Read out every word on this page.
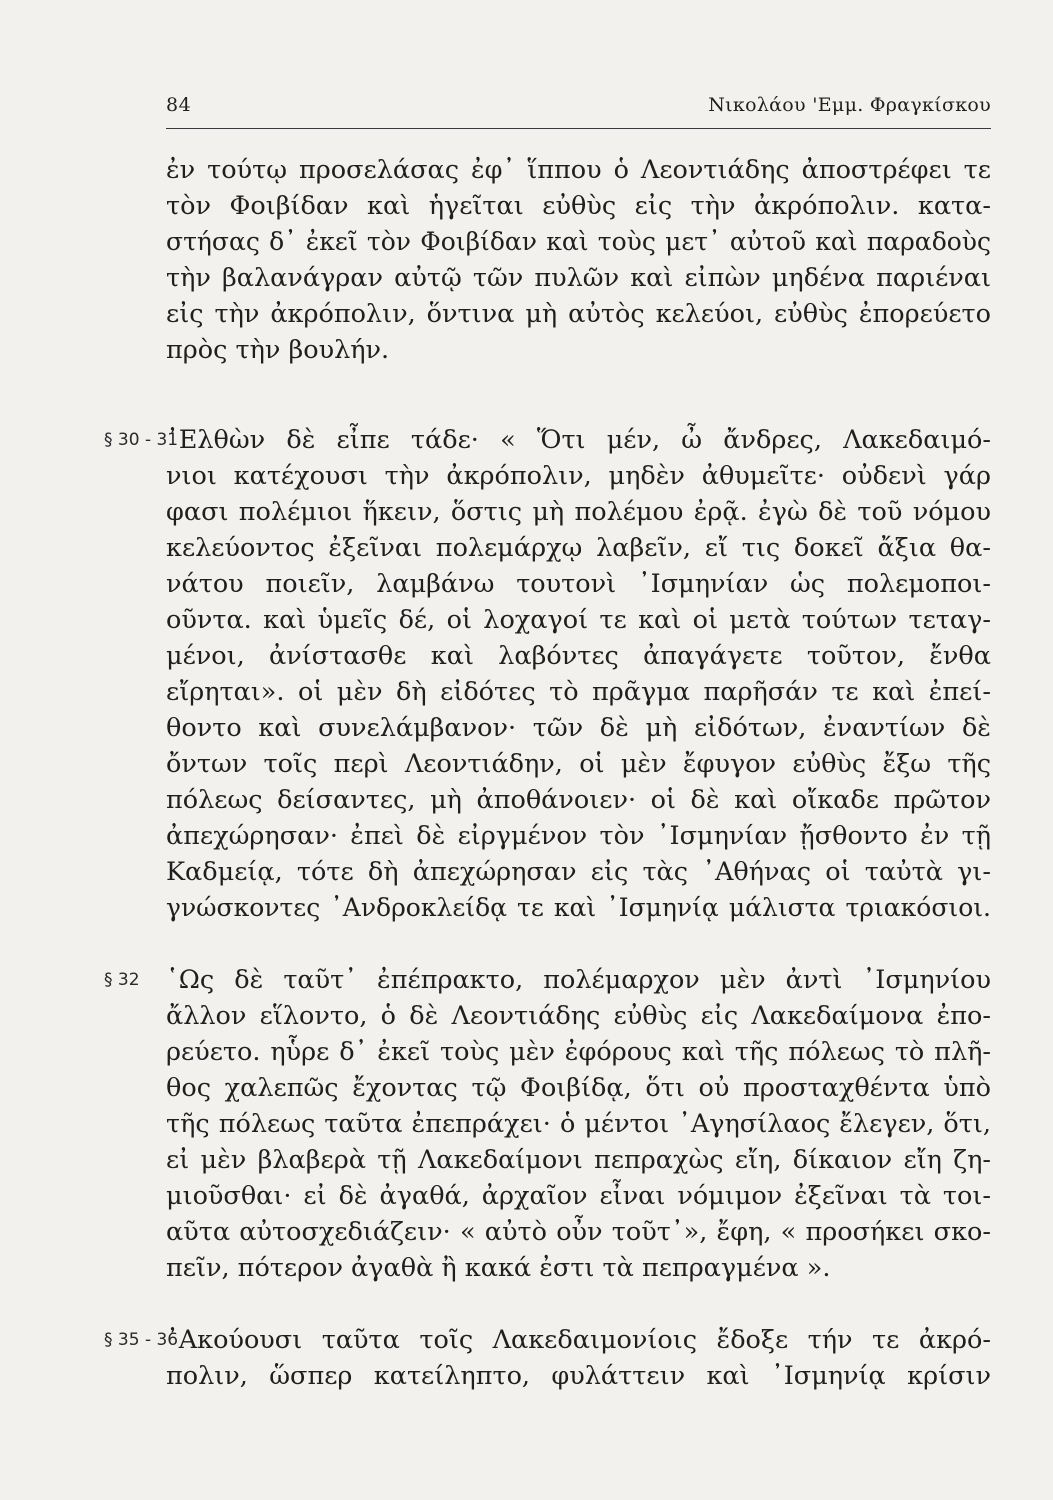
84	Νικολάου 'Εμμ. Φραγκίσκου
§ 30 - 31
§ 32
§ 35 - 36
ἐν τούτῳ προσελάσας ἐφ᾽ ἵππου ὁ Λεοντιάδης ἀποστρέφει τε
τὸν Φοιβίδαν καὶ ἡγεῖται εὐθὺς εἰς τὴν ἀκρόπολιν. κατα-
στήσας δ᾽ ἐκεῖ τὸν Φοιβίδαν καὶ τοὺς μετ᾽ αὐτοῦ καὶ παραδοὺς
τὴν βαλανάγραν αὐτῷ τῶν πυλῶν καὶ εἰπὼν μηδένα παριέναι
εἰς τὴν ἀκρόπολιν, ὅντινα μὴ αὐτὸς κελεύοι, εὐθὺς ἐπορεύετο
πρὸς τὴν βουλήν.
᾿Ελθὼν δὲ εἶπε τάδε· « Ὅτι μέν, ὦ ἄνδρες, Λακεδαιμό-
νιοι κατέχουσι τὴν ἀκρόπολιν, μηδὲν ἀθυμεῖτε· οὐδενὶ γάρ
φασι πολέμιοι ἥκειν, ὅστις μὴ πολέμου ἐρᾷ. ἐγὼ δὲ τοῦ νόμου
κελεύοντος ἐξεῖναι πολεμάρχῳ λαβεῖν, εἴ τις δοκεῖ ἄξια θα-
νάτου ποιεῖν, λαμβάνω τουτονὶ ᾿Ισμηνίαν ὡς πολεμοποι-
οῦντα. καὶ ὑμεῖς δέ, οἱ λοχαγοί τε καὶ οἱ μετὰ τούτων τεταγ-
μένοι, ἀνίστασθε καὶ λαβόντες ἀπαγάγετε τοῦτον, ἔνθα
εἴρηται». οἱ μὲν δὴ εἰδότες τὸ πρᾶγμα παρῆσάν τε καὶ ἐπεί-
θοντο καὶ συνελάμβανον· τῶν δὲ μὴ εἰδότων, ἐναντίων δὲ
ὄντων τοῖς περὶ Λεοντιάδην, οἱ μὲν ἔφυγον εὐθὺς ἔξω τῆς
πόλεως δείσαντες, μὴ ἀποθάνοιεν· οἱ δὲ καὶ οἴκαδε πρῶτον
ἀπεχώρησαν· ἐπεὶ δὲ εἰργμένον τὸν ᾿Ισμηνίαν ᾔσθοντο ἐν τῇ
Καδμείᾳ, τότε δὴ ἀπεχώρησαν εἰς τὰς ᾿Αθήνας οἱ ταὐτὰ γι-
γνώσκοντες ᾿Ανδροκλείδᾳ τε καὶ ᾿Ισμηνίᾳ μάλιστα τριακόσιοι.
῾Ως δὲ ταῦτ᾽ ἐπέπρακτο, πολέμαρχον μὲν ἀντὶ ᾿Ισμηνίου
ἄλλον εἵλοντο, ὁ δὲ Λεοντιάδης εὐθὺς εἰς Λακεδαίμονα ἐπο-
ρεύετο. ηὗρε δ᾽ ἐκεῖ τοὺς μὲν ἐφόρους καὶ τῆς πόλεως τὸ πλῆ-
θος χαλεπῶς ἔχοντας τῷ Φοιβίδᾳ, ὅτι οὐ προσταχθέντα ὑπὸ
τῆς πόλεως ταῦτα ἐπεπράχει· ὁ μέντοι ᾿Αγησίλαος ἔλεγεν, ὅτι,
εἰ μὲν βλαβερὰ τῇ Λακεδαίμονι πεπραχὼς εἴη, δίκαιον εἴη ζη-
μιοῦσθαι· εἰ δὲ ἀγαθά, ἀρχαῖον εἶναι νόμιμον ἐξεῖναι τὰ τοι-
αῦτα αὐτοσχεδιάζειν· « αὐτὸ οὖν τοῦτ᾽», ἔφη, « προσήκει σκο-
πεῖν, πότερον ἀγαθὰ ἢ κακά ἐστι τὰ πεπραγμένα ».
᾿Ακούουσι ταῦτα τοῖς Λακεδαιμονίοις ἔδοξε τήν τε ἀκρό-
πολιν, ὥσπερ κατείληπτο, φυλάττειν καὶ ᾿Ισμηνίᾳ κρίσιν
